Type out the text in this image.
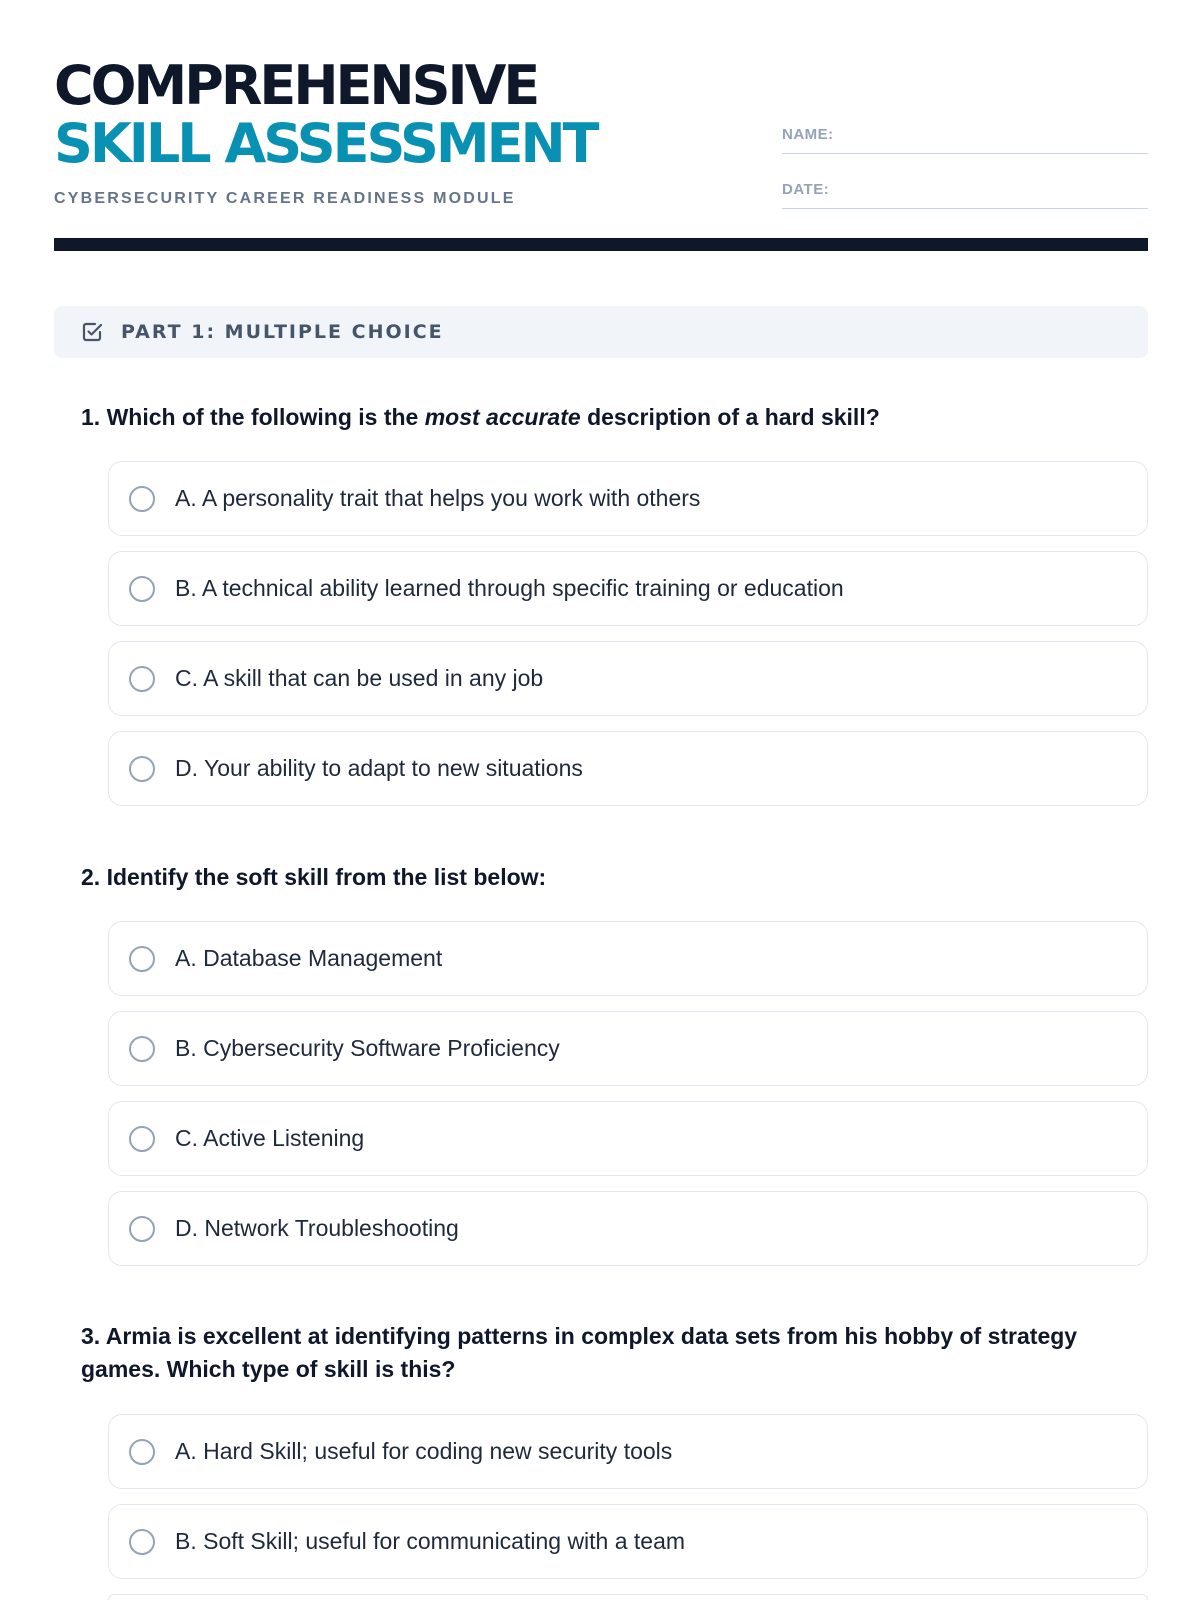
COMPREHENSIVE
SKILL ASSESSMENT
CYBERSECURITY CAREER READINESS MODULE
NAME:
DATE:
PART 1: MULTIPLE CHOICE
1. Which of the following is the most accurate description of a hard skill?
A. A personality trait that helps you work with others
B. A technical ability learned through specific training or education
C. A skill that can be used in any job
D. Your ability to adapt to new situations
2. Identify the soft skill from the list below:
A. Database Management
B. Cybersecurity Software Proficiency
C. Active Listening
D. Network Troubleshooting
3. Armia is excellent at identifying patterns in complex data sets from his hobby of strategy games. Which type of skill is this?
A. Hard Skill; useful for coding new security tools
B. Soft Skill; useful for communicating with a team
